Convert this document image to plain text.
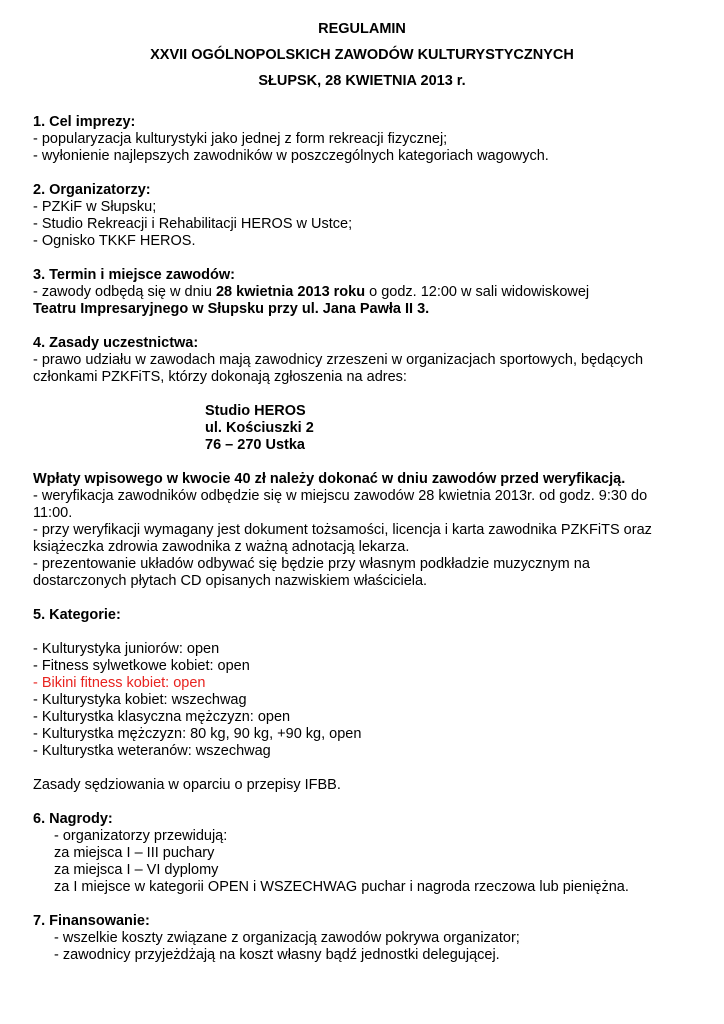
REGULAMIN
XXVII OGÓLNOPOLSKICH ZAWODÓW KULTURYSTYCZNYCH
SŁUPSK, 28 KWIETNIA 2013 r.
1. Cel imprezy:
- popularyzacja kulturystyki jako jednej z form rekreacji fizycznej;
- wyłonienie najlepszych zawodników w poszczególnych kategoriach wagowych.
2. Organizatorzy:
- PZKiF w Słupsku;
- Studio Rekreacji i Rehabilitacji HEROS w Ustce;
- Ognisko TKKF HEROS.
3. Termin i miejsce zawodów:
- zawody odbędą się w dniu 28 kwietnia 2013 roku o godz. 12:00 w sali widowiskowej
Teatru Impresaryjnego w Słupsku przy ul. Jana Pawła II 3.
4. Zasady uczestnictwa:
- prawo udziału w zawodach mają zawodnicy zrzeszeni w organizacjach sportowych, będących
członkami PZKFiTS, którzy dokonają zgłoszenia na adres:
Studio HEROS
ul. Kościuszki 2
76 – 270 Ustka
Wpłaty wpisowego w kwocie 40 zł należy dokonać w dniu zawodów przed weryfikacją.
- weryfikacja zawodników odbędzie się w miejscu zawodów 28 kwietnia 2013r. od godz. 9:30 do
11:00.
- przy weryfikacji wymagany jest dokument tożsamości, licencja i karta zawodnika PZKFiTS oraz
książeczka zdrowia zawodnika z ważną adnotacją lekarza.
- prezentowanie układów odbywać się będzie przy własnym podkładzie muzycznym na
dostarczonych płytach CD opisanych nazwiskiem właściciela.
5. Kategorie:
- Kulturystyka juniorów: open
- Fitness sylwetkowe kobiet: open
- Bikini fitness kobiet: open
- Kulturystyka kobiet: wszechwag
- Kulturystka klasyczna mężczyzn: open
- Kulturystka mężczyzn: 80 kg, 90 kg, +90 kg, open
- Kulturystka weteranów: wszechwag
Zasady sędziowania w oparciu o przepisy IFBB.
6. Nagrody:
- organizatorzy przewidują:
za miejsca I – III puchary
za miejsca I – VI dyplomy
za I miejsce w kategorii OPEN i WSZECHWAG puchar i nagroda rzeczowa lub pieniężna.
7. Finansowanie:
- wszelkie koszty związane z organizacją zawodów pokrywa organizator;
- zawodnicy przyjeżdżają na koszt własny bądź jednostki delegującej.
